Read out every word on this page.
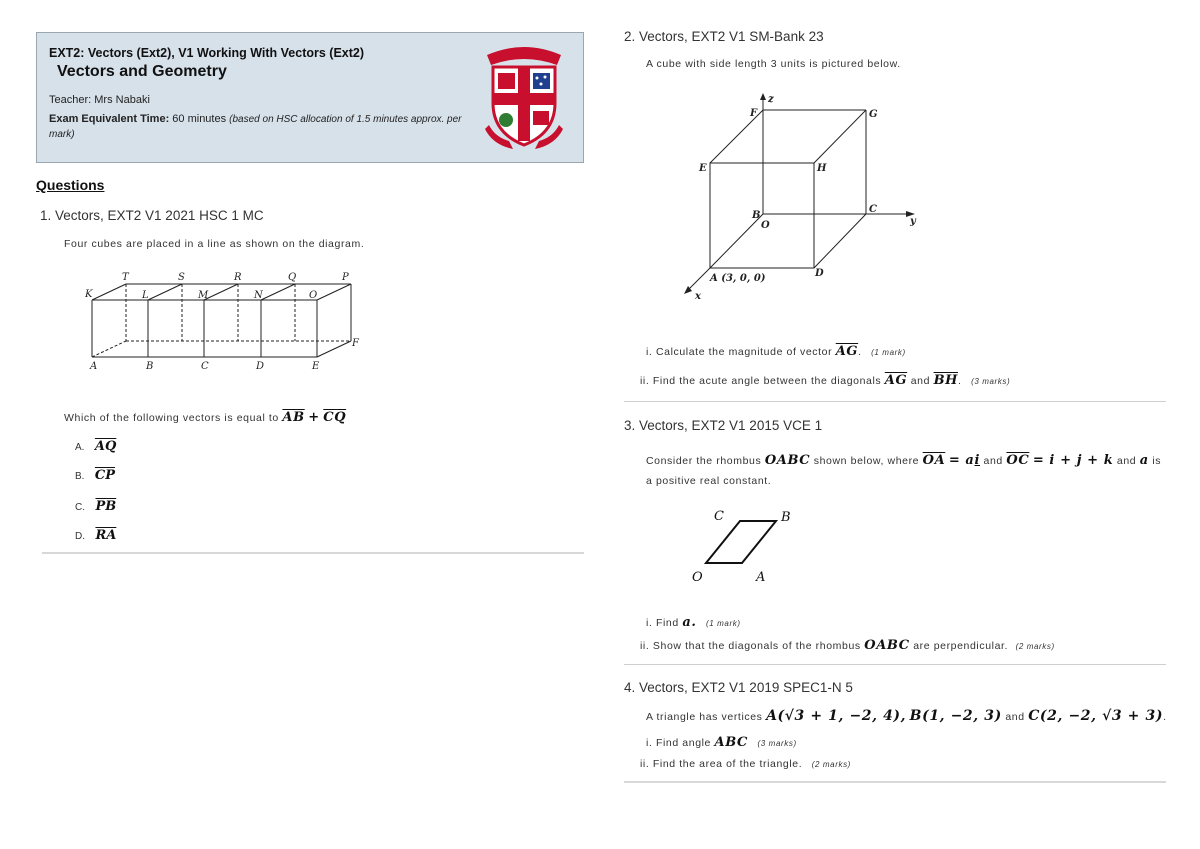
EXT2: Vectors (Ext2), V1 Working With Vectors (Ext2)
Vectors and Geometry
Teacher: Mrs Nabaki
Exam Equivalent Time: 60 minutes (based on HSC allocation of 1.5 minutes approx. per mark)
Questions
1. Vectors, EXT2 V1 2021 HSC 1 MC
Four cubes are placed in a line as shown on the diagram.
T	S	R	Q	P
K	L	M	N	O
A	B	C	D	E
F
Which of the following vectors is equal to $\overline{AB} + \overline{CQ}$
A. $\overline{AQ}$
B. $\overline{CP}$
C. $\overline{PB}$
D. $\overline{RA}$
2. Vectors, EXT2 V1 SM-Bank 23
A cube with side length 3 units is pictured below.
F
z
G
E	H
B
O
C
y
D
A (3, 0, 0)
x
i. Calculate the magnitude of vector $\overline{AG}$. (1 mark)
ii. Find the acute angle between the diagonals $\overline{AG}$ and $\overline{BH}$. (3 marks)
3. Vectors, EXT2 V1 2015 VCE 1
Consider the rhombus OABC shown below, where $\overline{OA}$ = ai and $\overline{OC} = i + j + k$ and a is
a positive real constant.
C	B
O	A
i. Find a. (1 mark)
ii. Show that the diagonals of the rhombus OABC are perpendicular. (2 marks)
4. Vectors, EXT2 V1 2019 SPEC1-N 5
A triangle has vertices A(√3 + 1, −2, 4), B(1, −2, 3) and C(2, −2, √3 + 3).
i. Find angle ABC (3 marks)
ii. Find the area of the triangle. (2 marks)
